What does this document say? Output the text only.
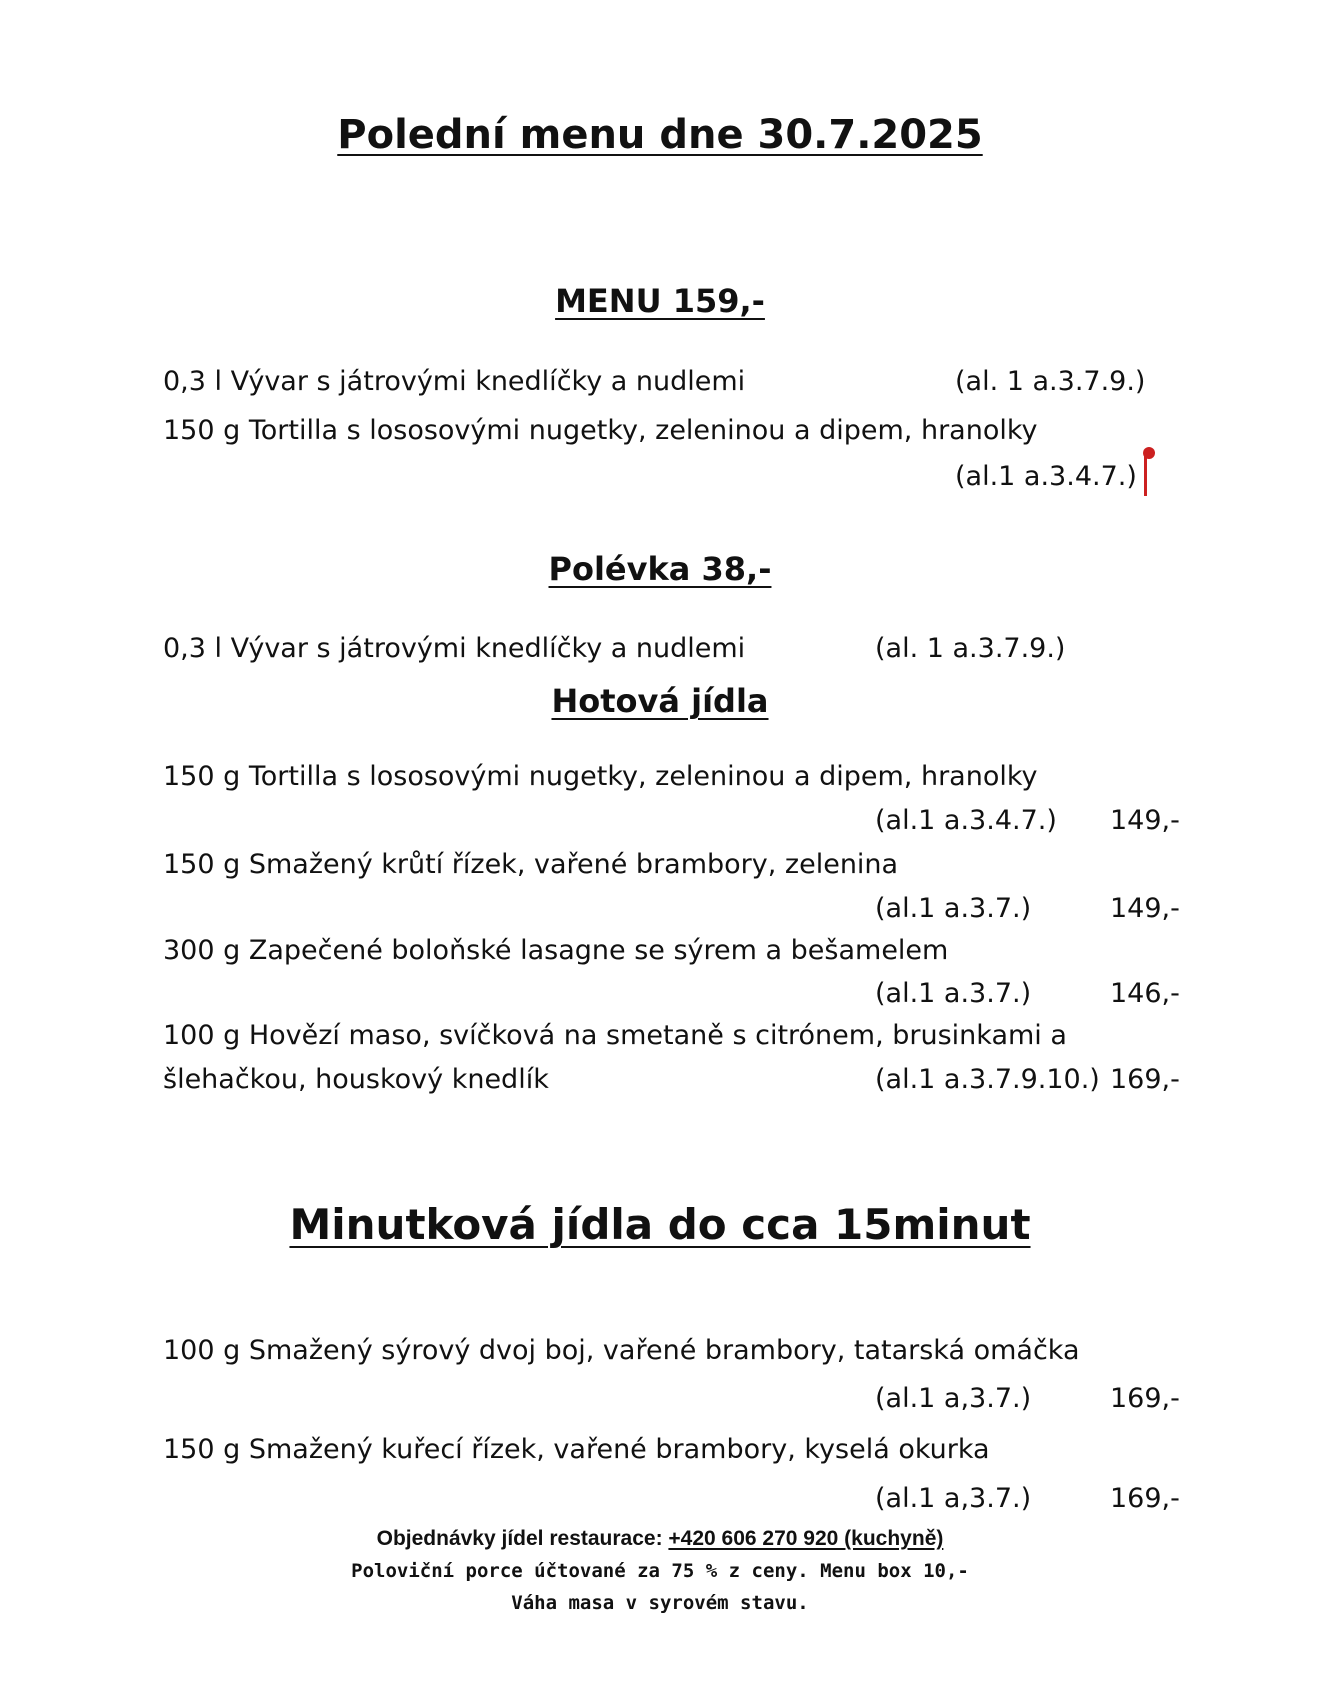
Polední menu dne 30.7.2025
MENU 159,-
0,3 l Vývar s játrovými knedlíčky a nudlemi	(al. 1 a.3.7.9.)
150 g Tortilla s lososovými nugetky, zeleninou a dipem, hranolky
(al.1 a.3.4.7.)
Polévka 38,-
0,3 l Vývar s játrovými knedlíčky a nudlemi	(al. 1 a.3.7.9.)
Hotová jídla
150 g Tortilla s lososovými nugetky, zeleninou a dipem, hranolky
(al.1 a.3.4.7.) 149,-
150 g Smažený krůtí řízek, vařené brambory, zelenina
(al.1 a.3.7.)	149,-
300 g Zapečené boloňské lasagne se sýrem a bešamelem
(al.1 a.3.7.)	146,-
100 g Hovězí maso, svíčková na smetaně s citrónem, brusinkami a
šlehačkou, houskový knedlík	(al.1 a.3.7.9.10.) 169,-
Minutková jídla do cca 15minut
100 g Smažený sýrový dvoj boj, vařené brambory, tatarská omáčka
(al.1 a,3.7.)	169,-
150 g Smažený kuřecí řízek, vařené brambory, kyselá okurka
(al.1 a,3.7.)	169,-
Objednávky jídel restaurace: +420 606 270 920 (kuchyně)
Poloviční porce účtované za 75 % z ceny. Menu box 10,-
Váha masa v syrovém stavu.
